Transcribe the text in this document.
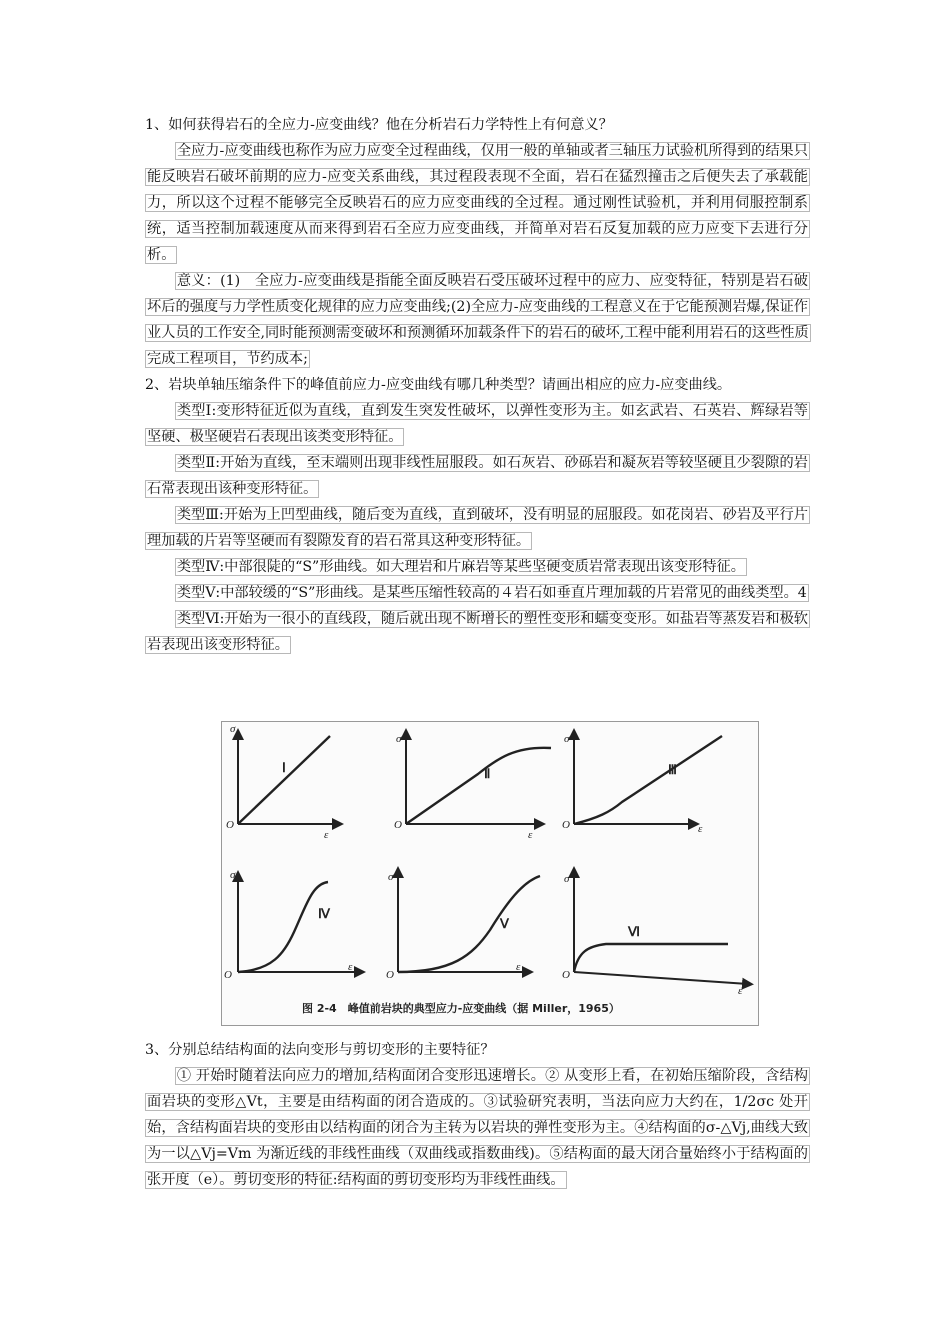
1、如何获得岩石的全应力-应变曲线？他在分析岩石力学特性上有何意义？

全应力-应变曲线也称作为应力应变全过程曲线，仅用一般的单轴或者三轴压力试验机所得到的结果只能反映岩石破坏前期的应力-应变关系曲线，其过程段表现不全面，岩石在猛烈撞击之后便失去了承载能力，所以这个过程不能够完全反映岩石的应力应变曲线的全过程。通过刚性试验机，并利用伺服控制系统，适当控制加载速度从而来得到岩石全应力应变曲线，并简单对岩石反复加载的应力应变下去进行分析。

意义：(1)　全应力-应变曲线是指能全面反映岩石受压破坏过程中的应力、应变特征，特别是岩石破坏后的强度与力学性质变化规律的应力应变曲线;(2)全应力-应变曲线的工程意义在于它能预测岩爆,保证作业人员的工作安全,同时能预测需变破坏和预测循环加载条件下的岩石的破坏,工程中能利用岩石的这些性质完成工程项目，节约成本;

2、岩块单轴压缩条件下的峰值前应力-应变曲线有哪几种类型？请画出相应的应力-应变曲线。

类型Ⅰ:变形特征近似为直线，直到发生突发性破坏，以弹性变形为主。如玄武岩、石英岩、辉绿岩等坚硬、极坚硬岩石表现出该类变形特征。

类型Ⅱ:开始为直线，至末端则出现非线性屈服段。如石灰岩、砂砾岩和凝灰岩等较坚硬且少裂隙的岩石常表现出该种变形特征。

类型Ⅲ:开始为上凹型曲线，随后变为直线，直到破坏，没有明显的屈服段。如花岗岩、砂岩及平行片理加载的片岩等坚硬而有裂隙发育的岩石常具这种变形特征。

类型Ⅳ:中部很陡的“S”形曲线。如大理岩和片麻岩等某些坚硬变质岩常表现出该变形特征。

类型Ⅴ:中部较缓的“S”形曲线。是某些压缩性较高的４岩石如垂直片理加载的片岩常见的曲线类型。4

类型Ⅵ:开始为一很小的直线段，随后就出现不断增长的塑性变形和蠕变变形。如盐岩等蒸发岩和极软岩表现出该变形特征。

σ
O
ε
σ
O
ε
σ
O	ε
σ
O
ε
σ
O
ε
σ
O
ε
Ⅰ	Ⅱ	Ⅲ
Ⅳ
Ⅴ
Ⅵ
图 2-4　峰值前岩块的典型应力-应变曲线（据 Miller，1965）

3、分别总结结构面的法向变形与剪切变形的主要特征？

① 开始时随着法向应力的增加,结构面闭合变形迅速增长。② 从变形上看，在初始压缩阶段，含结构面岩块的变形△Vt，主要是由结构面的闭合造成的。③试验研究表明，当法向应力大约在，1/2σc 处开始，含结构面岩块的变形由以结构面的闭合为主转为以岩块的弹性变形为主。④结构面的σ-△Vj,曲线大致为一以△Vj=Vm 为渐近线的非线性曲线（双曲线或指数曲线)。⑤结构面的最大闭合量始终小于结构面的张开度（e）。剪切变形的特征:结构面的剪切变形均为非线性曲线。
